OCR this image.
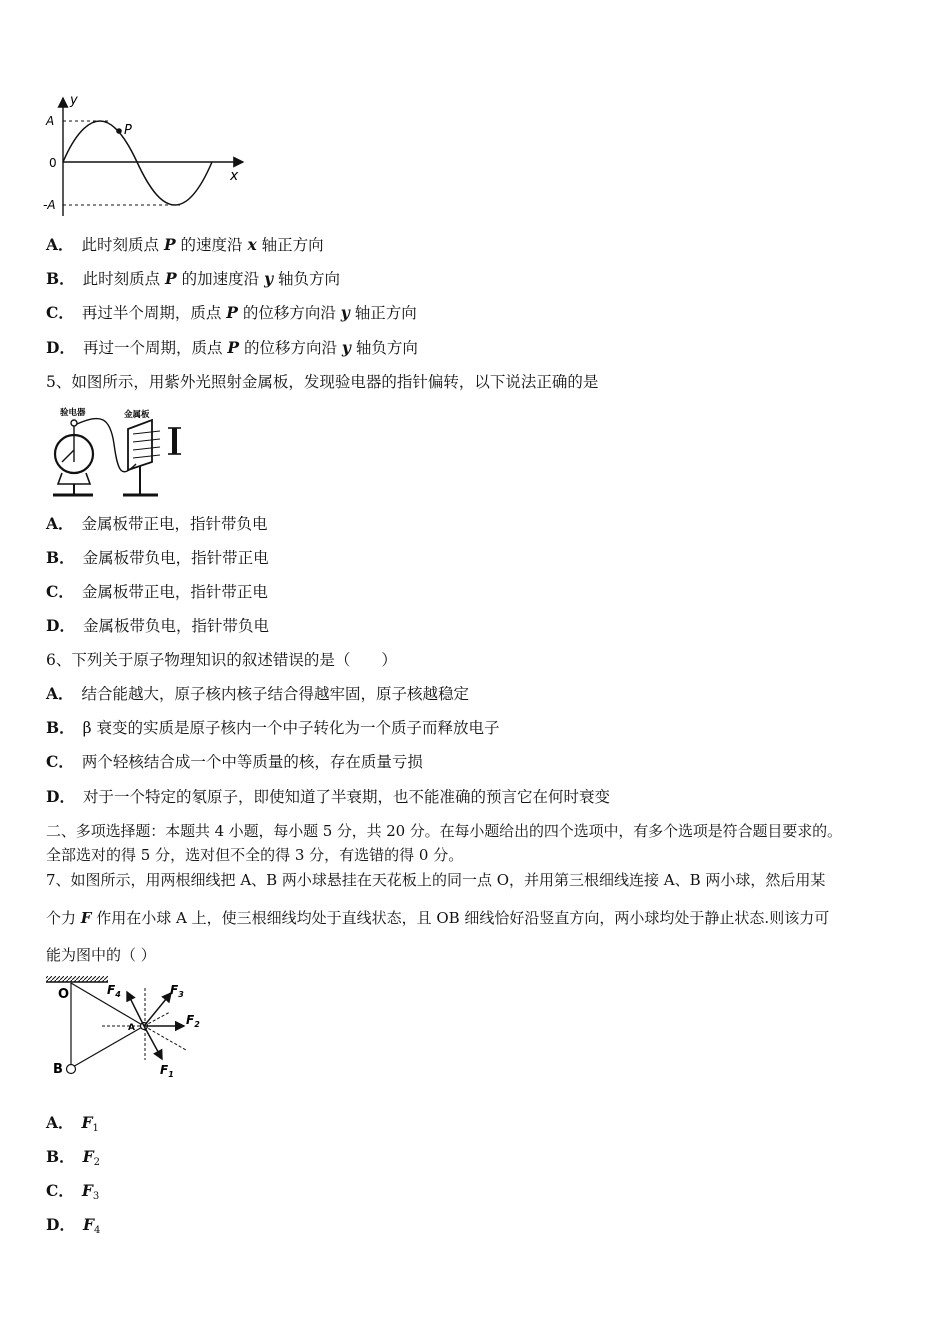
y
x
A
0
-A
P
A． 此时刻质点 P 的速度沿 x 轴正方向
B． 此时刻质点 P 的加速度沿 y 轴负方向
C． 再过半个周期，质点 P 的位移方向沿 y 轴正方向
D． 再过一个周期，质点 P 的位移方向沿 y 轴负方向
5、如图所示，用紫外光照射金属板，发现验电器的指针偏转，以下说法正确的是
验电器	金属板
A． 金属板带正电，指针带负电
B． 金属板带负电，指针带正电
C． 金属板带正电，指针带正电
D． 金属板带负电，指针带负电
6、下列关于原子物理知识的叙述错误的是（　　）
A． 结合能越大，原子核内核子结合得越牢固，原子核越稳定
B． β 衰变的实质是原子核内一个中子转化为一个质子而释放电子
C． 两个轻核结合成一个中等质量的核，存在质量亏损
D． 对于一个特定的氡原子，即使知道了半衰期，也不能准确的预言它在何时衰变
二、多项选择题：本题共 4 小题，每小题 5 分，共 20 分。在每小题给出的四个选项中，有多个选项是符合题目要求的。
全部选对的得 5 分，选对但不全的得 3 分，有选错的得 0 分。
7、如图所示，用两根细线把 A、B 两小球悬挂在天花板上的同一点 O，并用第三根细线连接 A、B 两小球，然后用某
个力 F 作用在小球 A 上，使三根细线均处于直线状态，且 OB 细线恰好沿竖直方向，两小球均处于静止状态.则该力可
能为图中的（ ）
O
B
A
$F_1$
$F_2$
$F_3$
$F_4$
A． $F_1$
B． $F_2$
C． $F_3$
D． $F_4$
